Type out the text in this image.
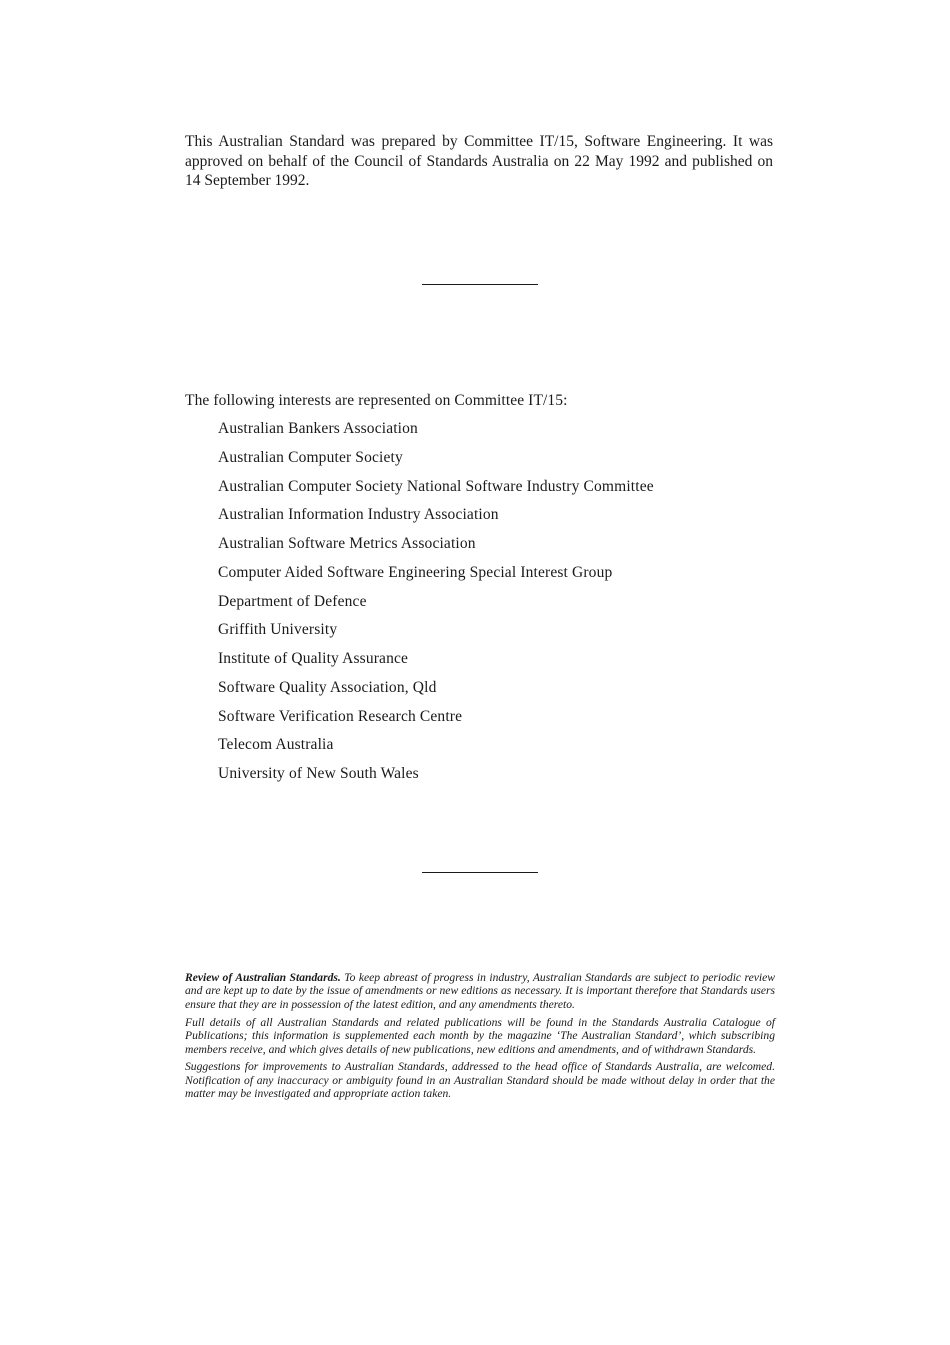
This Australian Standard was prepared by Committee IT/15, Software Engineering. It was approved on behalf of the Council of Standards Australia on 22 May 1992 and published on 14 September 1992.

The following interests are represented on Committee IT/15:

Australian Bankers Association
Australian Computer Society
Australian Computer Society National Software Industry Committee
Australian Information Industry Association
Australian Software Metrics Association
Computer Aided Software Engineering Special Interest Group
Department of Defence
Griffith University
Institute of Quality Assurance
Software Quality Association, Qld
Software Verification Research Centre
Telecom Australia
University of New South Wales

Review of Australian Standards. To keep abreast of progress in industry, Australian Standards are subject to periodic review and are kept up to date by the issue of amendments or new editions as necessary. It is important therefore that Standards users ensure that they are in possession of the latest edition, and any amendments thereto.

Full details of all Australian Standards and related publications will be found in the Standards Australia Catalogue of Publications; this information is supplemented each month by the magazine ‘The Australian Standard’, which subscribing members receive, and which gives details of new publications, new editions and amendments, and of withdrawn Standards.

Suggestions for improvements to Australian Standards, addressed to the head office of Standards Australia, are welcomed. Notification of any inaccuracy or ambiguity found in an Australian Standard should be made without delay in order that the matter may be investigated and appropriate action taken.
